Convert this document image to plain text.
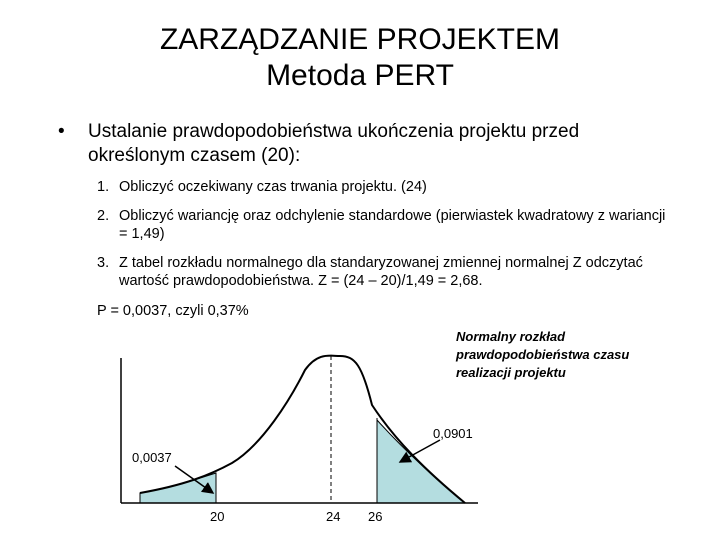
ZARZĄDZANIE PROJEKTEM
Metoda PERT
• Ustalanie prawdopodobieństwa ukończenia projektu przed określonym czasem (20):
1. Obliczyć oczekiwany czas trwania projektu. (24)
2. Obliczyć wariancję oraz odchylenie standardowe (pierwiastek kwadratowy z wariancji = 1,49)
3. Z tabel rozkładu normalnego dla standaryzowanej zmiennej normalnej Z odczytać wartość prawdopodobieństwa. Z = (24 – 20)/1,49 = 2,68.
P = 0,0037, czyli 0,37%
Normalny rozkład prawdopodobieństwa czasu realizacji projektu
0,0901
0,0037
20	24 26
